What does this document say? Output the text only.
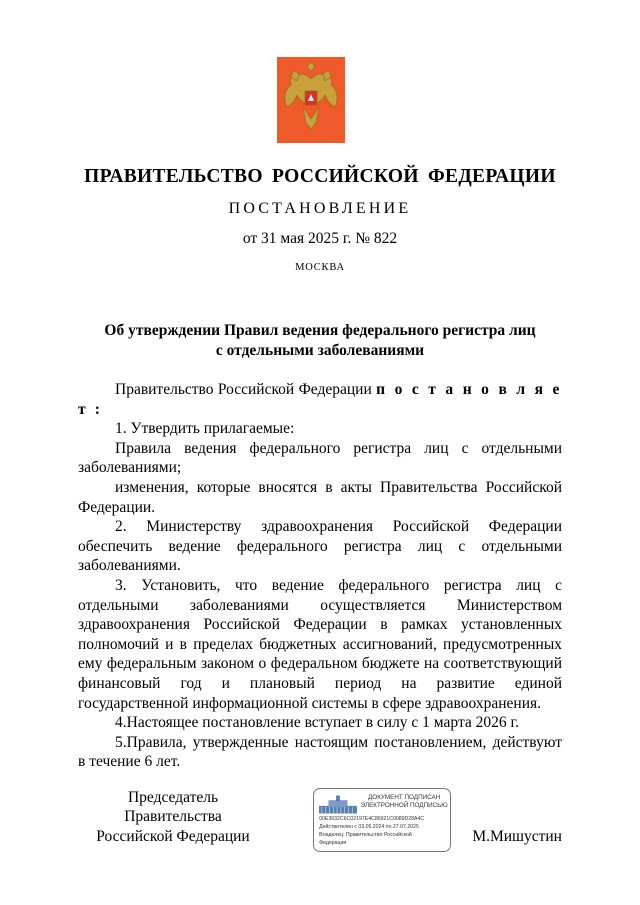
ПРАВИТЕЛЬСТВО РОССИЙСКОЙ ФЕДЕРАЦИИ
ПОСТАНОВЛЕНИЕ
от 31 мая 2025 г. № 822
МОСКВА
Об утверждении Правил ведения федерального регистра лиц
с отдельными заболеваниями

Правительство Российской Федерации п о с т а н о в л я е т :

1. Утвердить прилагаемые:

Правила ведения федерального регистра лиц с отдельными заболеваниями;

изменения, которые вносятся в акты Правительства Российской Федерации.

2. Министерству здравоохранения Российской Федерации обеспечить ведение федерального регистра лиц с отдельными заболеваниями.

3. Установить, что ведение федерального регистра лиц с отдельными заболеваниями осуществляется Министерством здравоохранения Российской Федерации в рамках установленных полномочий и в пределах бюджетных ассигнований, предусмотренных ему федеральным законом о федеральном бюджете на соответствующий финансовый год и плановый период на развитие единой государственной информационной системы в сфере здравоохранения.

4.Настоящее постановление вступает в силу с 1 марта 2026 г.

5.Правила, утвержденные настоящим постановлением, действуют в течение 6 лет.

Председатель Правительства
Российской Федерации
ДОКУМЕНТ ПОДПИСАН
ЭЛЕКТРОННОЙ ПОДПИСЬЮ
00E3632C6C02197E4C86921C0089D28A4C
Действителен с 03.05.2024 по 27.07.2025
Владелец: Правительство Российской
Федерации	М.Мишустин
